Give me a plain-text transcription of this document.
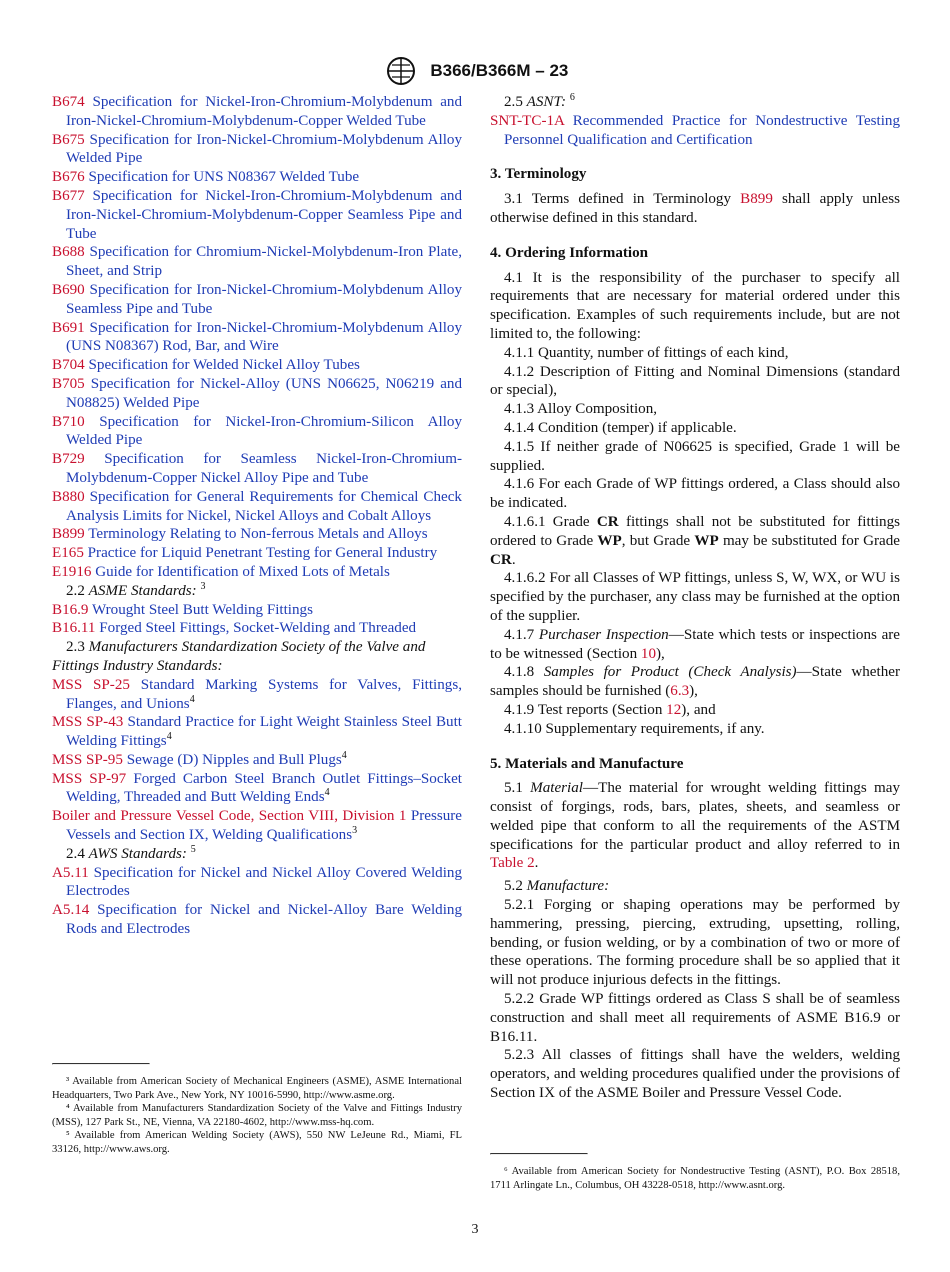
B366/B366M – 23

B674 Specification for Nickel-Iron-Chromium-Molybdenum and Iron-Nickel-Chromium-Molybdenum-Copper Welded Tube

B675 Specification for Iron-Nickel-Chromium-Molybdenum Alloy Welded Pipe

B676 Specification for UNS N08367 Welded Tube

B677 Specification for Nickel-Iron-Chromium-Molybdenum and Iron-Nickel-Chromium-Molybdenum-Copper Seamless Pipe and Tube

B688 Specification for Chromium-Nickel-Molybdenum-Iron Plate, Sheet, and Strip

B690 Specification for Iron-Nickel-Chromium-Molybdenum Alloy Seamless Pipe and Tube

B691 Specification for Iron-Nickel-Chromium-Molybdenum Alloy (UNS N08367) Rod, Bar, and Wire

B704 Specification for Welded Nickel Alloy Tubes

B705 Specification for Nickel-Alloy (UNS N06625, N06219 and N08825) Welded Pipe

B710 Specification for Nickel-Iron-Chromium-Silicon Alloy Welded Pipe

B729 Specification for Seamless Nickel-Iron-Chromium-Molybdenum-Copper Nickel Alloy Pipe and Tube

B880 Specification for General Requirements for Chemical Check Analysis Limits for Nickel, Nickel Alloys and Cobalt Alloys

B899 Terminology Relating to Non-ferrous Metals and Alloys

E165 Practice for Liquid Penetrant Testing for General Industry

E1916 Guide for Identification of Mixed Lots of Metals

2.2 ASME Standards: $^3$

B16.9 Wrought Steel Butt Welding Fittings

B16.11 Forged Steel Fittings, Socket-Welding and Threaded

2.3 Manufacturers Standardization Society of the Valve and Fittings Industry Standards:

MSS SP-25 Standard Marking Systems for Valves, Fittings, Flanges, and Unions$^4$

MSS SP-43 Standard Practice for Light Weight Stainless Steel Butt Welding Fittings$^4$

MSS SP-95 Sewage (D) Nipples and Bull Plugs$^4$

MSS SP-97 Forged Carbon Steel Branch Outlet Fittings–Socket Welding, Threaded and Butt Welding Ends$^4$

Boiler and Pressure Vessel Code, Section VIII, Division 1 Pressure Vessels and Section IX, Welding Qualifications$^3$

2.4 AWS Standards: $^5$

A5.11 Specification for Nickel and Nickel Alloy Covered Welding Electrodes

A5.14 Specification for Nickel and Nickel-Alloy Bare Welding Rods and Electrodes

³ Available from American Society of Mechanical Engineers (ASME), ASME International Headquarters, Two Park Ave., New York, NY 10016-5990, http://www.asme.org.

⁴ Available from Manufacturers Standardization Society of the Valve and Fittings Industry (MSS), 127 Park St., NE, Vienna, VA 22180-4602, http://www.mss-hq.com.

⁵ Available from American Welding Society (AWS), 550 NW LeJeune Rd., Miami, FL 33126, http://www.aws.org.

2.5 ASNT: $^6$

SNT-TC-1A Recommended Practice for Nondestructive Testing Personnel Qualification and Certification

3. Terminology

3.1 Terms defined in Terminology B899 shall apply unless otherwise defined in this standard.

4. Ordering Information

4.1 It is the responsibility of the purchaser to specify all requirements that are necessary for material ordered under this specification. Examples of such requirements include, but are not limited to, the following:

4.1.1 Quantity, number of fittings of each kind,

4.1.2 Description of Fitting and Nominal Dimensions (standard or special),

4.1.3 Alloy Composition,

4.1.4 Condition (temper) if applicable.

4.1.5 If neither grade of N06625 is specified, Grade 1 will be supplied.

4.1.6 For each Grade of WP fittings ordered, a Class should also be indicated.

4.1.6.1 Grade CR fittings shall not be substituted for fittings ordered to Grade WP, but Grade WP may be substituted for Grade CR.

4.1.6.2 For all Classes of WP fittings, unless S, W, WX, or WU is specified by the purchaser, any class may be furnished at the option of the supplier.

4.1.7 Purchaser Inspection—State which tests or inspections are to be witnessed (Section 10),

4.1.8 Samples for Product (Check Analysis)—State whether samples should be furnished (6.3),

4.1.9 Test reports (Section 12), and

4.1.10 Supplementary requirements, if any.

5. Materials and Manufacture

5.1 Material—The material for wrought welding fittings may consist of forgings, rods, bars, plates, sheets, and seamless or welded pipe that conform to all the requirements of the ASTM specifications for the particular product and alloy referred to in Table 2.

5.2 Manufacture:

5.2.1 Forging or shaping operations may be performed by hammering, pressing, piercing, extruding, upsetting, rolling, bending, or fusion welding, or by a combination of two or more of these operations. The forming procedure shall be so applied that it will not produce injurious defects in the fittings.

5.2.2 Grade WP fittings ordered as Class S shall be of seamless construction and shall meet all requirements of ASME B16.9 or B16.11.

5.2.3 All classes of fittings shall have the welders, welding operators, and welding procedures qualified under the provisions of Section IX of the ASME Boiler and Pressure Vessel Code.

⁶ Available from American Society for Nondestructive Testing (ASNT), P.O. Box 28518, 1711 Arlingate Ln., Columbus, OH 43228-0518, http://www.asnt.org.

3
